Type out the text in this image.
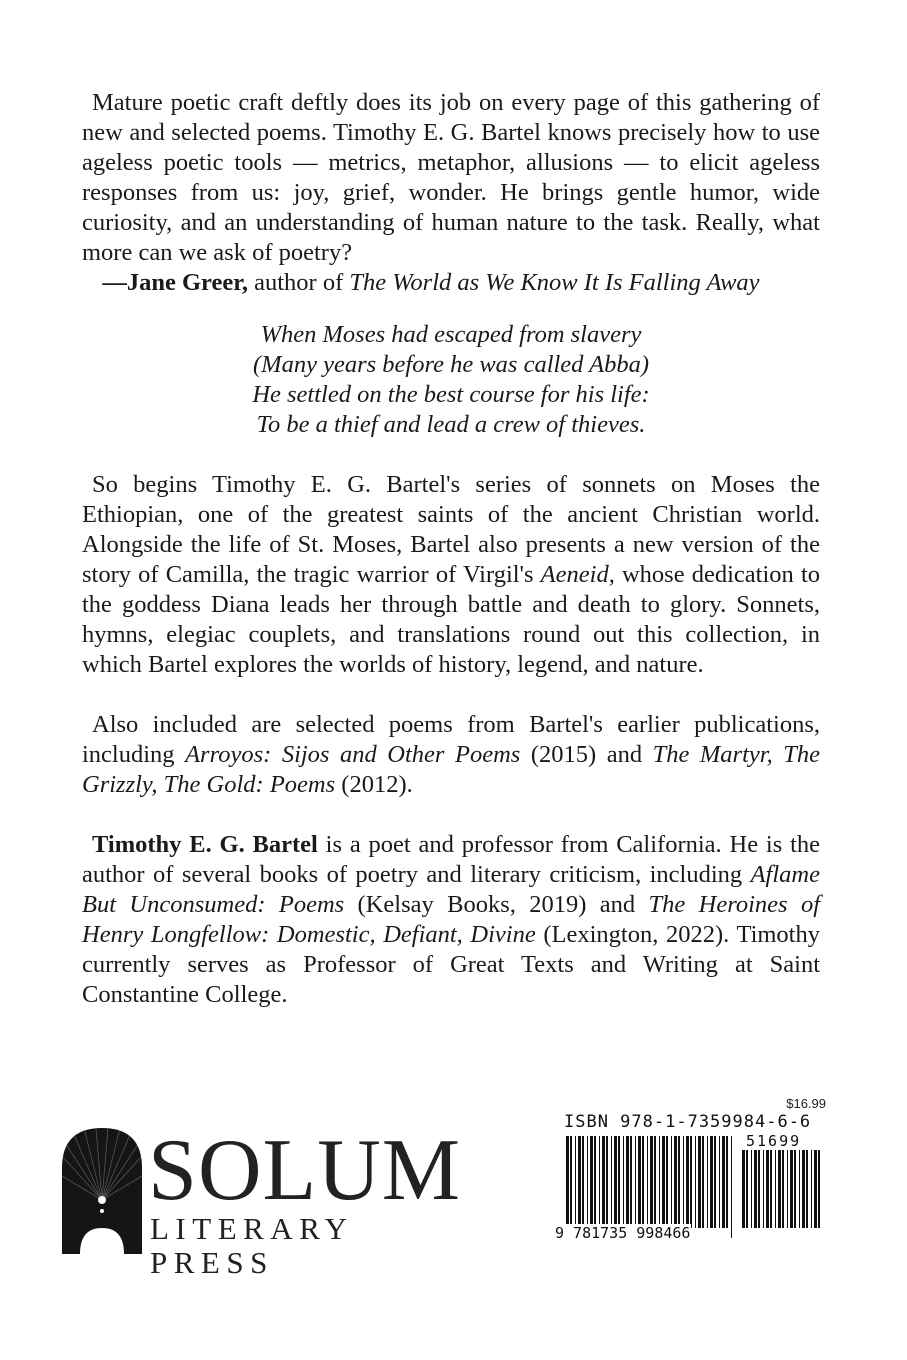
Mature poetic craft deftly does its job on every page of this gathering of new and selected poems. Timothy E. G. Bartel knows precisely how to use ageless poetic tools — metrics, metaphor, allusions — to elicit ageless responses from us: joy, grief, wonder. He brings gentle humor, wide curiosity, and an understanding of human nature to the task. Really, what more can we ask of poetry?

—Jane Greer, author of The World as We Know It Is Falling Away

When Moses had escaped from slavery
(Many years before he was called Abba)
He settled on the best course for his life:
To be a thief and lead a crew of thieves.

So begins Timothy E. G. Bartel's series of sonnets on Moses the Ethiopian, one of the greatest saints of the ancient Christian world. Alongside the life of St. Moses, Bartel also presents a new version of the story of Camilla, the tragic warrior of Virgil's Aeneid, whose dedication to the goddess Diana leads her through battle and death to glory. Sonnets, hymns, elegiac couplets, and translations round out this collection, in which Bartel explores the worlds of history, legend, and nature.

Also included are selected poems from Bartel's earlier publications, including Arroyos: Sijos and Other Poems (2015) and The Martyr, The Grizzly, The Gold: Poems (2012).

Timothy E. G. Bartel is a poet and professor from California. He is the author of several books of poetry and literary criticism, including Aflame But Unconsumed: Poems (Kelsay Books, 2019) and The Heroines of Henry Longfellow: Domestic, Defiant, Divine (Lexington, 2022). Timothy currently serves as Professor of Great Texts and Writing at Saint Constantine College.

SOLUM
LITERARY PRESS
$16.99
ISBN 978-1-7359984-6-6
51699
9 781735 998466
